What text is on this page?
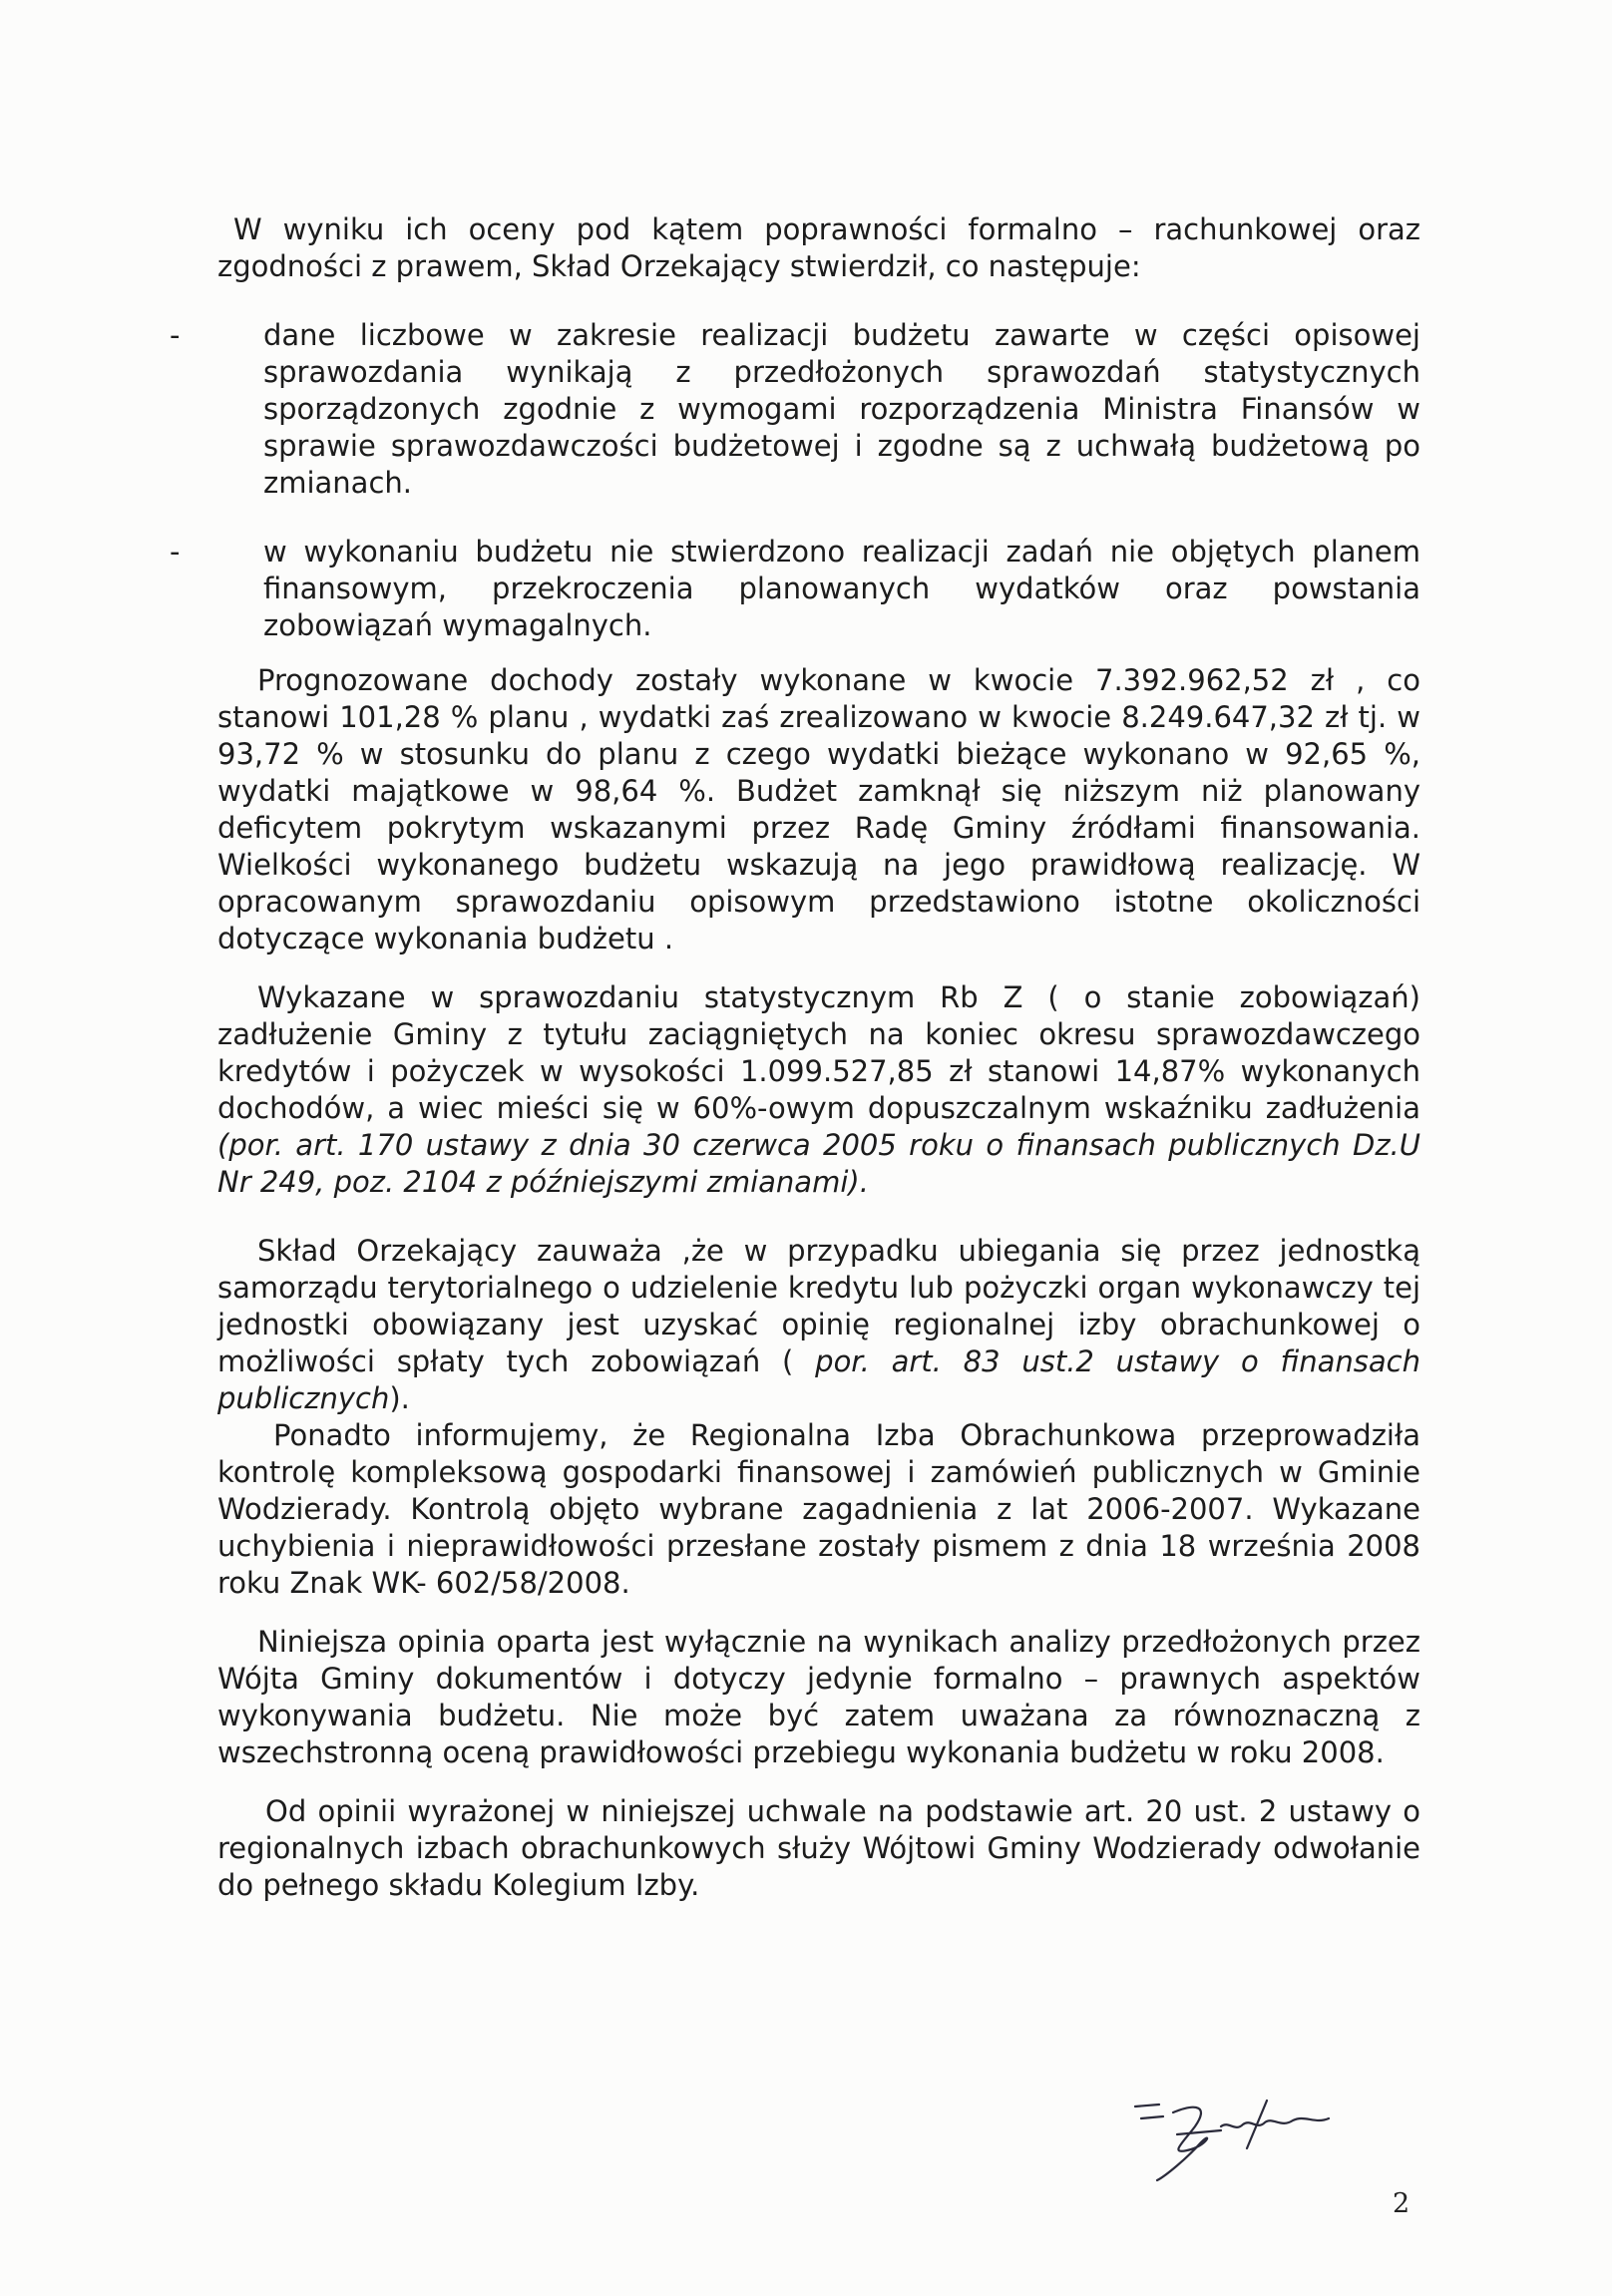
W wyniku ich oceny pod kątem poprawności formalno – rachunkowej oraz zgodności z prawem, Skład Orzekający stwierdził, co następuje:

-	dane liczbowe w zakresie realizacji budżetu zawarte w części opisowej sprawozdania wynikają z przedłożonych sprawozdań statystycznych sporządzonych zgodnie z wymogami rozporządzenia Ministra Finansów w sprawie sprawozdawczości budżetowej i zgodne są z uchwałą budżetową po zmianach.

-	w wykonaniu budżetu nie stwierdzono realizacji zadań nie objętych planem finansowym, przekroczenia planowanych wydatków oraz powstania zobowiązań wymagalnych.

Prognozowane dochody zostały wykonane w kwocie 7.392.962,52 zł , co stanowi 101,28 % planu , wydatki zaś zrealizowano w kwocie 8.249.647,32 zł tj. w 93,72 % w stosunku do planu z czego wydatki bieżące wykonano w 92,65 %, wydatki majątkowe w 98,64 %. Budżet zamknął się niższym niż planowany deficytem pokrytym wskazanymi przez Radę Gminy źródłami finansowania. Wielkości wykonanego budżetu wskazują na jego prawidłową realizację. W opracowanym sprawozdaniu opisowym przedstawiono istotne okoliczności dotyczące wykonania budżetu .

Wykazane w sprawozdaniu statystycznym Rb Z ( o stanie zobowiązań) zadłużenie Gminy z tytułu zaciągniętych na koniec okresu sprawozdawczego kredytów i pożyczek w wysokości 1.099.527,85 zł stanowi 14,87% wykonanych dochodów, a wiec mieści się w 60%-owym dopuszczalnym wskaźniku zadłużenia (por. art. 170 ustawy z dnia 30 czerwca 2005 roku o finansach publicznych Dz.U Nr 249, poz. 2104 z późniejszymi zmianami).

Skład Orzekający zauważa ,że w przypadku ubiegania się przez jednostką samorządu terytorialnego o udzielenie kredytu lub pożyczki organ wykonawczy tej jednostki obowiązany jest uzyskać opinię regionalnej izby obrachunkowej o możliwości spłaty tych zobowiązań ( por. art. 83 ust.2 ustawy o finansach publicznych).

Ponadto informujemy, że Regionalna Izba Obrachunkowa przeprowadziła kontrolę kompleksową gospodarki finansowej i zamówień publicznych w Gminie Wodzierady. Kontrolą objęto wybrane zagadnienia z lat 2006-2007. Wykazane uchybienia i nieprawidłowości przesłane zostały pismem z dnia 18 września 2008 roku Znak WK- 602/58/2008.

Niniejsza opinia oparta jest wyłącznie na wynikach analizy przedłożonych przez Wójta Gminy dokumentów i dotyczy jedynie formalno – prawnych aspektów wykonywania budżetu. Nie może być zatem uważana za równoznaczną z wszechstronną oceną prawidłowości przebiegu wykonania budżetu w roku 2008.

Od opinii wyrażonej w niniejszej uchwale na podstawie art. 20 ust. 2 ustawy o regionalnych izbach obrachunkowych służy Wójtowi Gminy Wodzierady odwołanie do pełnego składu Kolegium Izby.

2
